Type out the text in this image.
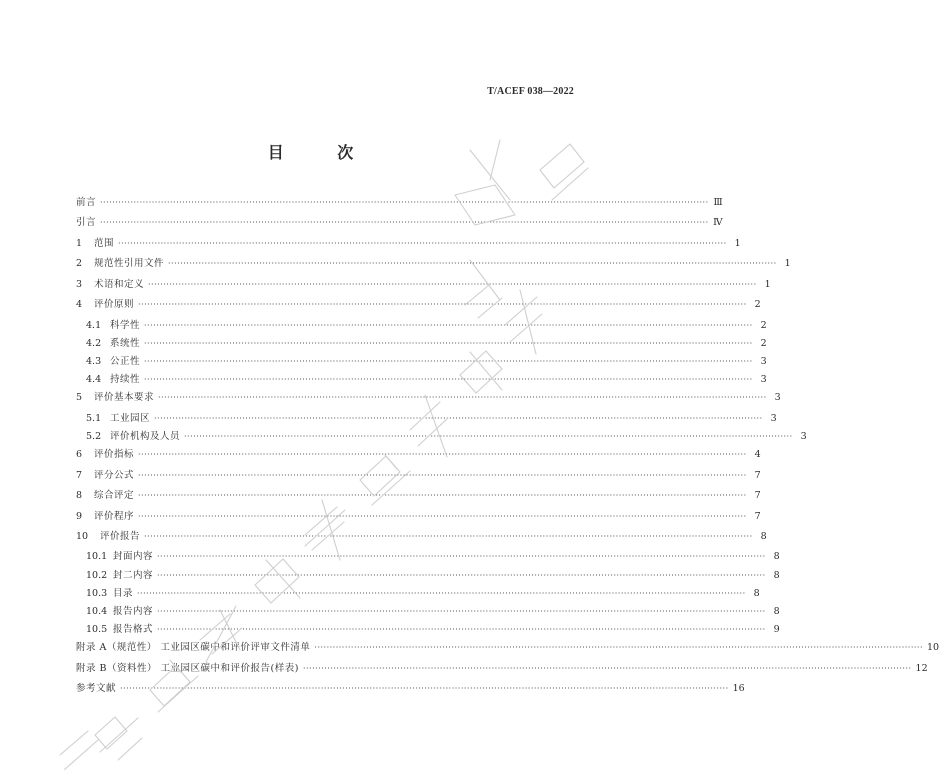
T/ACEF 038—2022
目 次
前言 ········································································································································································································ Ⅲ
引言 ········································································································································································································ Ⅳ
1	范围 ········································································································································································································ 1
2	规范性引用文件 ········································································································································································································ 1
3	术语和定义 ········································································································································································································ 1
4	评价原则 ········································································································································································································ 2
4.1 科学性 ········································································································································································································ 2
4.2 系统性 ········································································································································································································ 2
4.3 公正性 ········································································································································································································ 3
4.4 持续性 ········································································································································································································ 3
5	评价基本要求 ········································································································································································································ 3
5.1 工业园区 ········································································································································································································ 3
5.2 评价机构及人员 ········································································································································································································ 3
6	评价指标 ········································································································································································································ 4
7	评分公式 ········································································································································································································ 7
8	综合评定 ········································································································································································································ 7
9	评价程序 ········································································································································································································ 7
10	评价报告 ········································································································································································································ 8
10.1 封面内容 ········································································································································································································ 8
10.2 封二内容 ········································································································································································································ 8
10.3 目录 ········································································································································································································ 8
10.4 报告内容 ········································································································································································································ 8
10.5 报告格式 ········································································································································································································ 9
附录 A（规范性） 工业园区碳中和评价评审文件清单 ········································································································································································································ 10
附录 B（资料性） 工业园区碳中和评价报告(样表) ········································································································································································································ 12
参考文献 ········································································································································································································ 16
